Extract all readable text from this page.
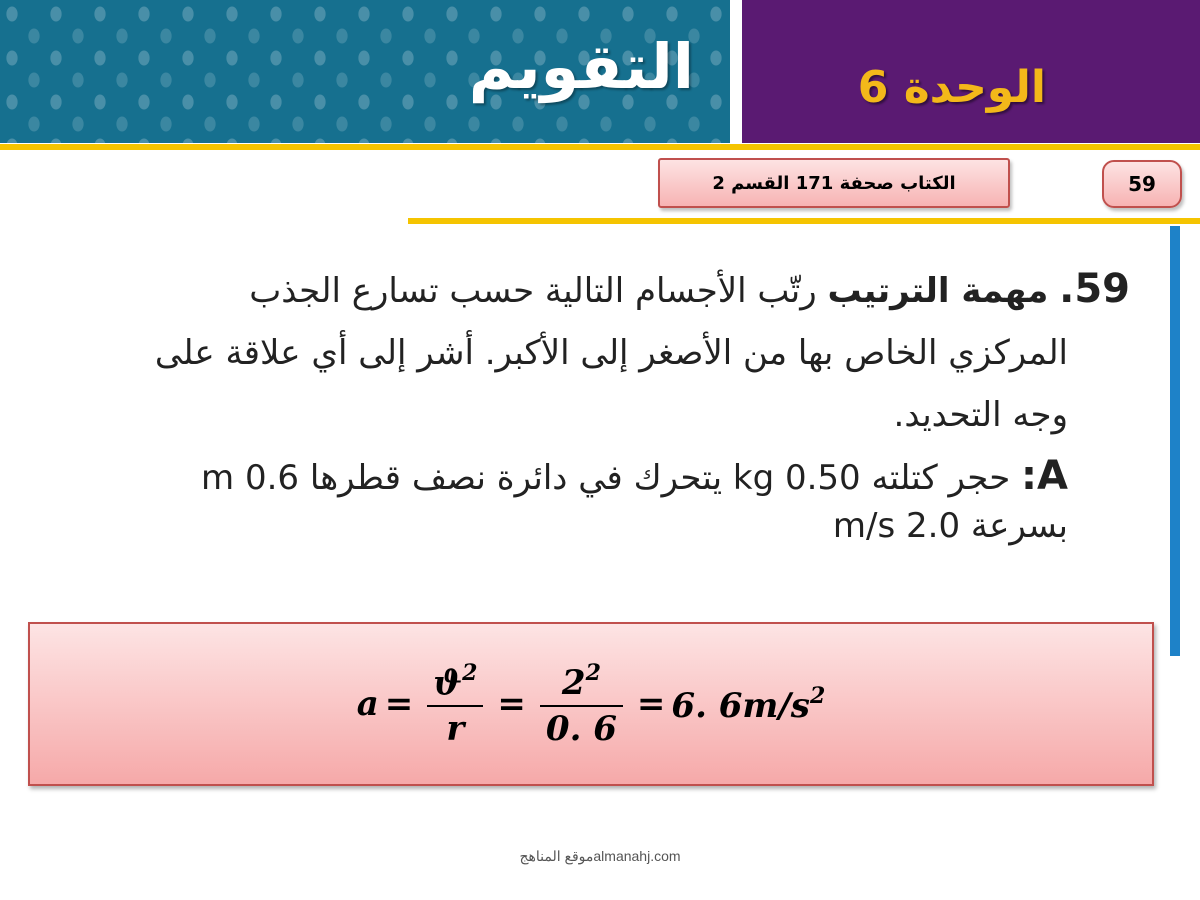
التقويم	الوحدة 6
الكتاب صحفة 171 القسم 2	59
59. مهمة الترتيب رتّب الأجسام التالية حسب تسارع الجذب
المركزي الخاص بها من الأصغر إلى الأكبر. أشر إلى أي علاقة على وجه التحديد.
A: حجر كتلته 0.50 kg يتحرك في دائرة نصف قطرها 0.6 m بسرعة 2.0 m/s
$a = \frac{ϑ^2}{r} = \frac{2^2}{0. 6} = 6$. $6m/s^2$
موقع المناهجalmanahj.com
